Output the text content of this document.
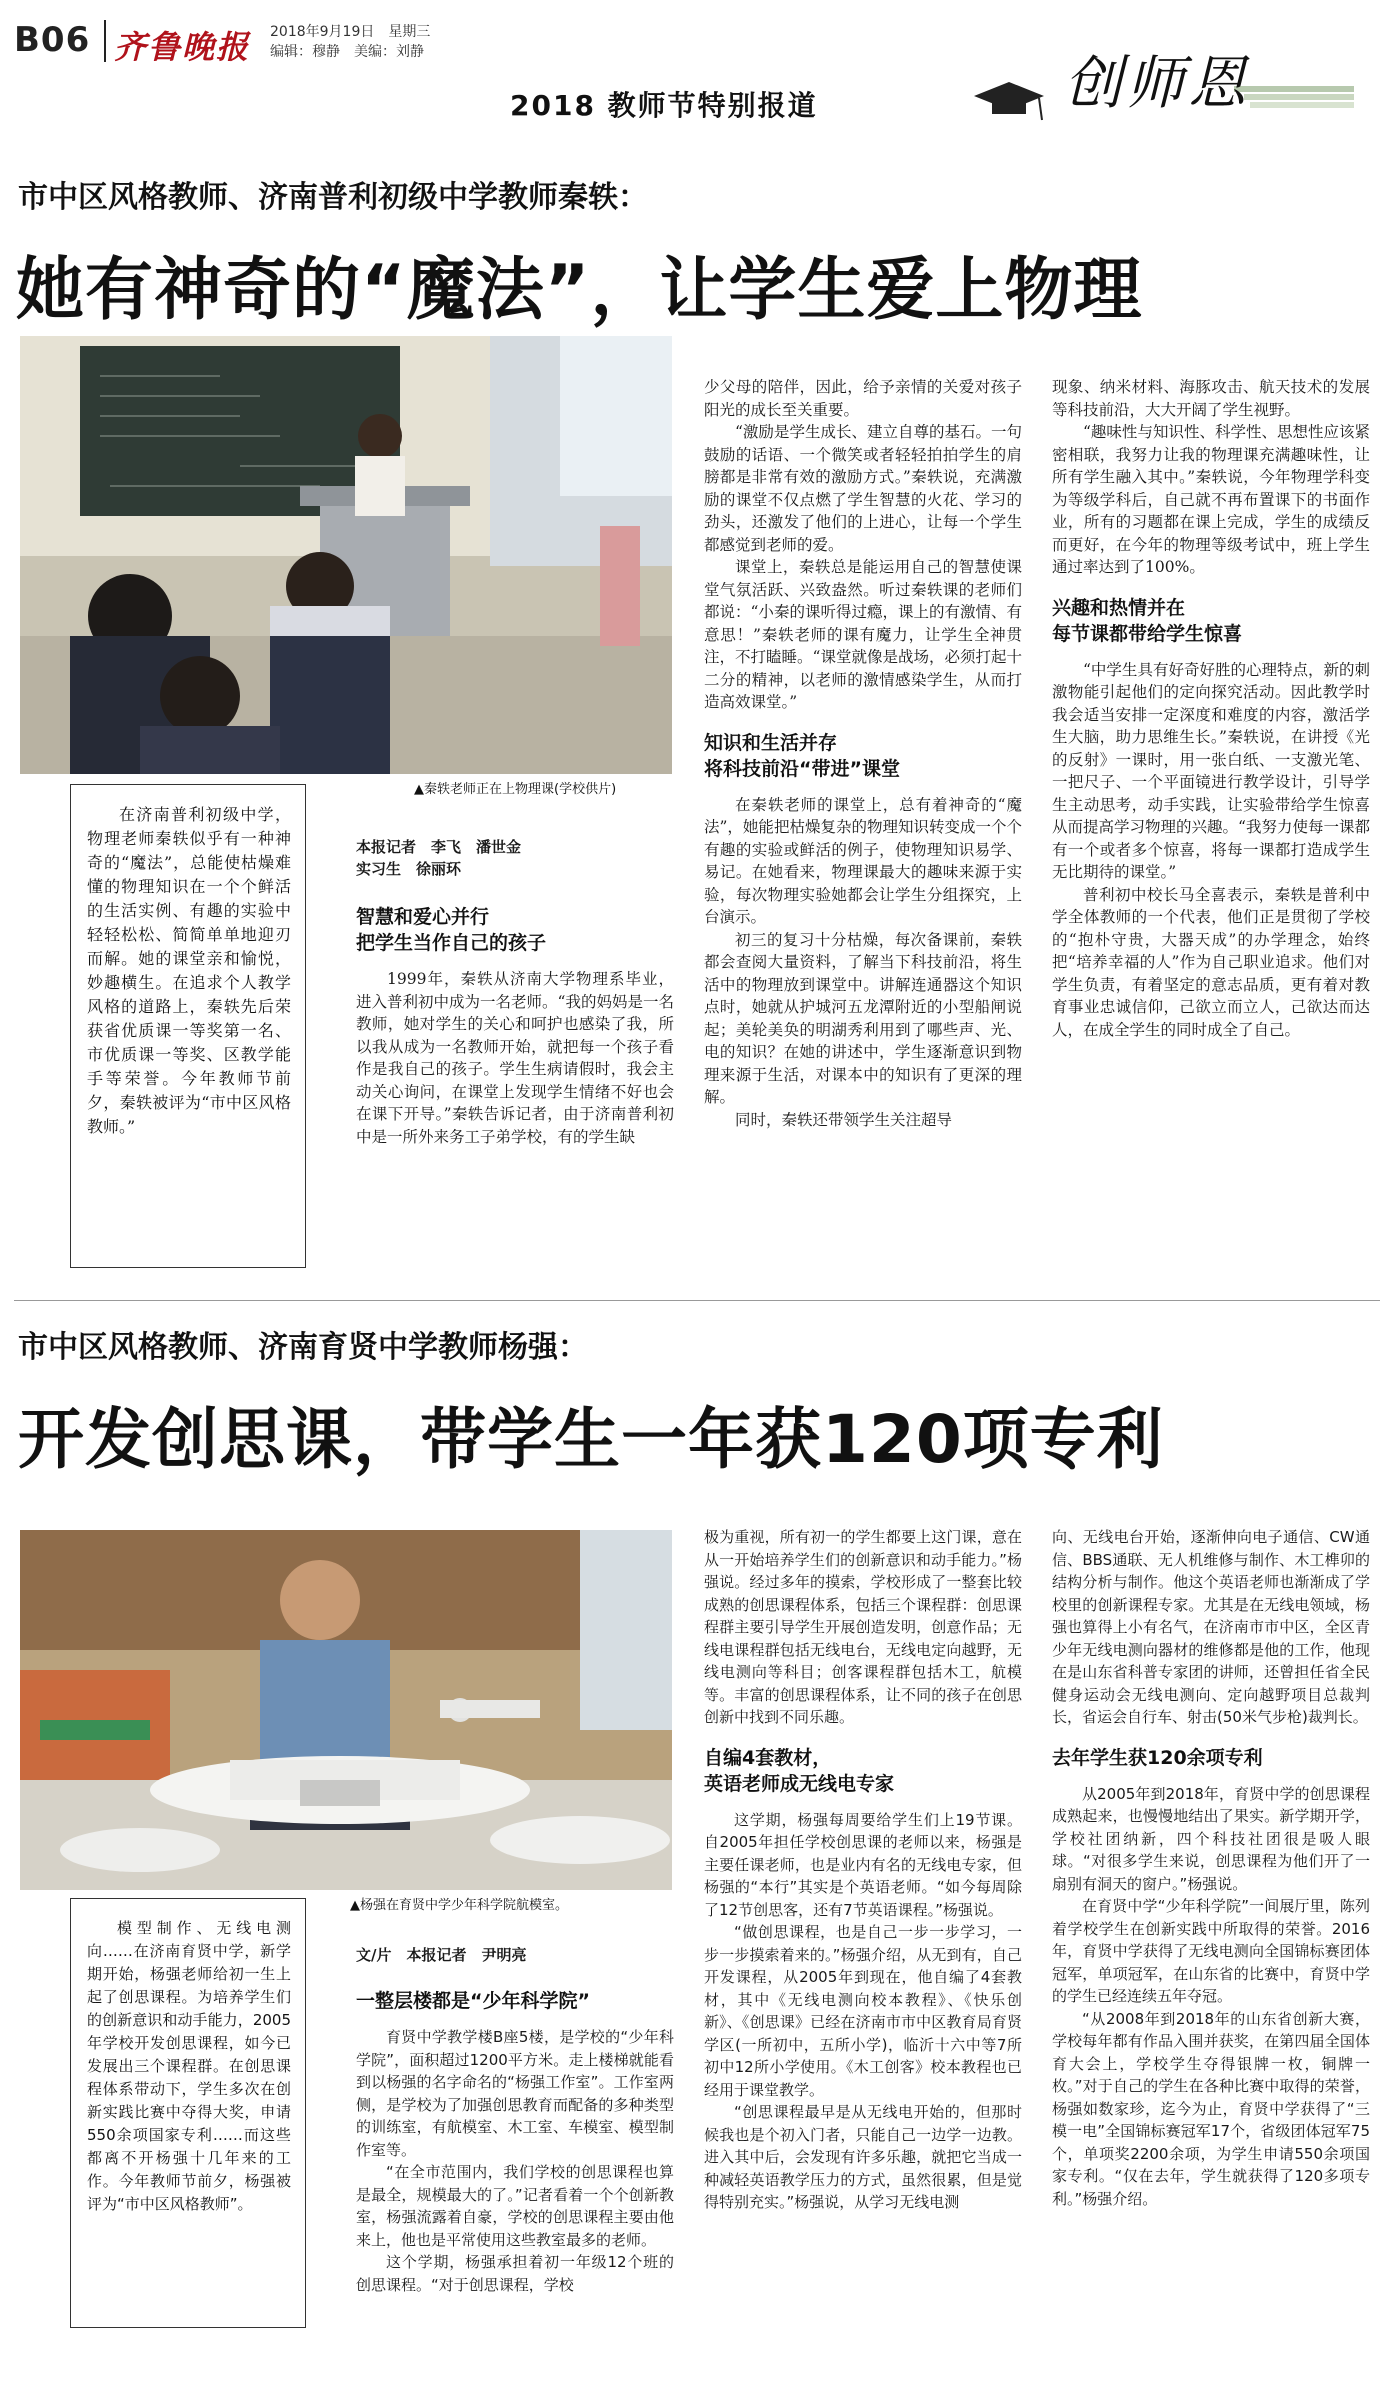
B06 齐鲁晚报 2018年9月19日　星期三
编辑：穆静　美编：刘静
2018 教师节特别报道	创师恩
市中区风格教师、济南普利初级中学教师秦轶：
她有神奇的“魔法”，让学生爱上物理
▲秦轶老师正在上物理课(学校供片)

在济南普利初级中学，物理老师秦轶似乎有一种神奇的“魔法”，总能使枯燥难懂的物理知识在一个个鲜活的生活实例、有趣的实验中轻轻松松、简简单单地迎刃而解。她的课堂亲和愉悦，妙趣横生。在追求个人教学风格的道路上，秦轶先后荣获省优质课一等奖第一名、市优质课一等奖、区教学能手等荣誉。今年教师节前夕，秦轶被评为“市中区风格教师。”

本报记者　李飞　潘世金
实习生　徐丽环
智慧和爱心并行
把学生当作自己的孩子

1999年，秦轶从济南大学物理系毕业，进入普利初中成为一名老师。“我的妈妈是一名教师，她对学生的关心和呵护也感染了我，所以我从成为一名教师开始，就把每一个孩子看作是我自己的孩子。学生生病请假时，我会主动关心询问，在课堂上发现学生情绪不好也会在课下开导。”秦轶告诉记者，由于济南普利初中是一所外来务工子弟学校，有的学生缺

少父母的陪伴，因此，给予亲情的关爱对孩子阳光的成长至关重要。

“激励是学生成长、建立自尊的基石。一句鼓励的话语、一个微笑或者轻轻拍拍学生的肩膀都是非常有效的激励方式。”秦轶说，充满激励的课堂不仅点燃了学生智慧的火花、学习的劲头，还激发了他们的上进心，让每一个学生都感觉到老师的爱。

课堂上，秦轶总是能运用自己的智慧使课堂气氛活跃、兴致盎然。听过秦轶课的老师们都说：“小秦的课听得过瘾，课上的有激情、有意思！”秦轶老师的课有魔力，让学生全神贯注，不打瞌睡。“课堂就像是战场，必须打起十二分的精神，以老师的激情感染学生，从而打造高效课堂。”

知识和生活并存
将科技前沿“带进”课堂

在秦轶老师的课堂上，总有着神奇的“魔法”，她能把枯燥复杂的物理知识转变成一个个有趣的实验或鲜活的例子，使物理知识易学、易记。在她看来，物理课最大的趣味来源于实验，每次物理实验她都会让学生分组探究，上台演示。

初三的复习十分枯燥，每次备课前，秦轶都会查阅大量资料，了解当下科技前沿，将生活中的物理放到课堂中。讲解连通器这个知识点时，她就从护城河五龙潭附近的小型船闸说起；美轮美奂的明湖秀利用到了哪些声、光、电的知识？在她的讲述中，学生逐渐意识到物理来源于生活，对课本中的知识有了更深的理解。

同时，秦轶还带领学生关注超导

现象、纳米材料、海豚攻击、航天技术的发展等科技前沿，大大开阔了学生视野。

“趣味性与知识性、科学性、思想性应该紧密相联，我努力让我的物理课充满趣味性，让所有学生融入其中。”秦轶说，今年物理学科变为等级学科后，自己就不再布置课下的书面作业，所有的习题都在课上完成，学生的成绩反而更好，在今年的物理等级考试中，班上学生通过率达到了100%。

兴趣和热情并在
每节课都带给学生惊喜

“中学生具有好奇好胜的心理特点，新的刺激物能引起他们的定向探究活动。因此教学时我会适当安排一定深度和难度的内容，激活学生大脑，助力思维生长。”秦轶说，在讲授《光的反射》一课时，用一张白纸、一支激光笔、一把尺子、一个平面镜进行教学设计，引导学生主动思考，动手实践，让实验带给学生惊喜从而提高学习物理的兴趣。“我努力使每一课都有一个或者多个惊喜，将每一课都打造成学生无比期待的课堂。”

普利初中校长马全喜表示，秦轶是普利中学全体教师的一个代表，他们正是贯彻了学校的“抱朴守贵，大器天成”的办学理念，始终把“培养幸福的人”作为自己职业追求。他们对学生负责，有着坚定的意志品质，更有着对教育事业忠诚信仰，己欲立而立人，己欲达而达人，在成全学生的同时成全了自己。

市中区风格教师、济南育贤中学教师杨强：
开发创思课，带学生一年获120项专利
▲杨强在育贤中学少年科学院航模室。

模型制作、无线电测向……在济南育贤中学，新学期开始，杨强老师给初一生上起了创思课程。为培养学生们的创新意识和动手能力，2005年学校开发创思课程，如今已发展出三个课程群。在创思课程体系带动下，学生多次在创新实践比赛中夺得大奖，申请550余项国家专利……而这些都离不开杨强十几年来的工作。今年教师节前夕，杨强被评为“市中区风格教师”。

文/片　本报记者　尹明亮
一整层楼都是“少年科学院”

育贤中学教学楼B座5楼，是学校的“少年科学院”，面积超过1200平方米。走上楼梯就能看到以杨强的名字命名的“杨强工作室”。工作室两侧，是学校为了加强创思教育而配备的多种类型的训练室，有航模室、木工室、车模室、模型制作室等。

“在全市范围内，我们学校的创思课程也算是最全，规模最大的了。”记者看着一个个创新教室，杨强流露着自豪，学校的创思课程主要由他来上，他也是平常使用这些教室最多的老师。

这个学期，杨强承担着初一年级12个班的创思课程。“对于创思课程，学校

极为重视，所有初一的学生都要上这门课，意在从一开始培养学生们的创新意识和动手能力。”杨强说。经过多年的摸索，学校形成了一整套比较成熟的创思课程体系，包括三个课程群：创思课程群主要引导学生开展创造发明，创意作品；无线电课程群包括无线电台，无线电定向越野，无线电测向等科目；创客课程群包括木工，航模等。丰富的创思课程体系，让不同的孩子在创思创新中找到不同乐趣。

自编4套教材，
英语老师成无线电专家

这学期，杨强每周要给学生们上19节课。自2005年担任学校创思课的老师以来，杨强是主要任课老师，也是业内有名的无线电专家，但杨强的“本行”其实是个英语老师。“如今每周除了12节创思客，还有7节英语课程。”杨强说。

“做创思课程，也是自己一步一步学习，一步一步摸索着来的。”杨强介绍，从无到有，自己开发课程，从2005年到现在，他自编了4套教材，其中《无线电测向校本教程》、《快乐创新》、《创思课》已经在济南市市中区教育局育贤学区(一所初中，五所小学)，临沂十六中等7所初中12所小学使用。《木工创客》校本教程也已经用于课堂教学。

“创思课程最早是从无线电开始的，但那时候我也是个初入门者，只能自己一边学一边教。进入其中后，会发现有许多乐趣，就把它当成一种减轻英语教学压力的方式，虽然很累，但是觉得特别充实。”杨强说，从学习无线电测

向、无线电台开始，逐渐伸向电子通信、CW通信、BBS通联、无人机维修与制作、木工榫卯的结构分析与制作。他这个英语老师也渐渐成了学校里的创新课程专家。尤其是在无线电领域，杨强也算得上小有名气，在济南市市中区，全区青少年无线电测向器材的维修都是他的工作，他现在是山东省科普专家团的讲师，还曾担任省全民健身运动会无线电测向、定向越野项目总裁判长，省运会自行车、射击(50米气步枪)裁判长。

去年学生获120余项专利

从2005年到2018年，育贤中学的创思课程成熟起来，也慢慢地结出了果实。新学期开学，学校社团纳新，四个科技社团很是吸人眼球。“对很多学生来说，创思课程为他们开了一扇别有洞天的窗户。”杨强说。

在育贤中学“少年科学院”一间展厅里，陈列着学校学生在创新实践中所取得的荣誉。2016年，育贤中学获得了无线电测向全国锦标赛团体冠军，单项冠军，在山东省的比赛中，育贤中学的学生已经连续五年夺冠。

“从2008年到2018年的山东省创新大赛，学校每年都有作品入围并获奖，在第四届全国体育大会上，学校学生夺得银牌一枚，铜牌一枚。”对于自己的学生在各种比赛中取得的荣誉，杨强如数家珍，迄今为止，育贤中学获得了“三模一电”全国锦标赛冠军17个，省级团体冠军75个，单项奖2200余项，为学生申请550余项国家专利。“仅在去年，学生就获得了120多项专利。”杨强介绍。
